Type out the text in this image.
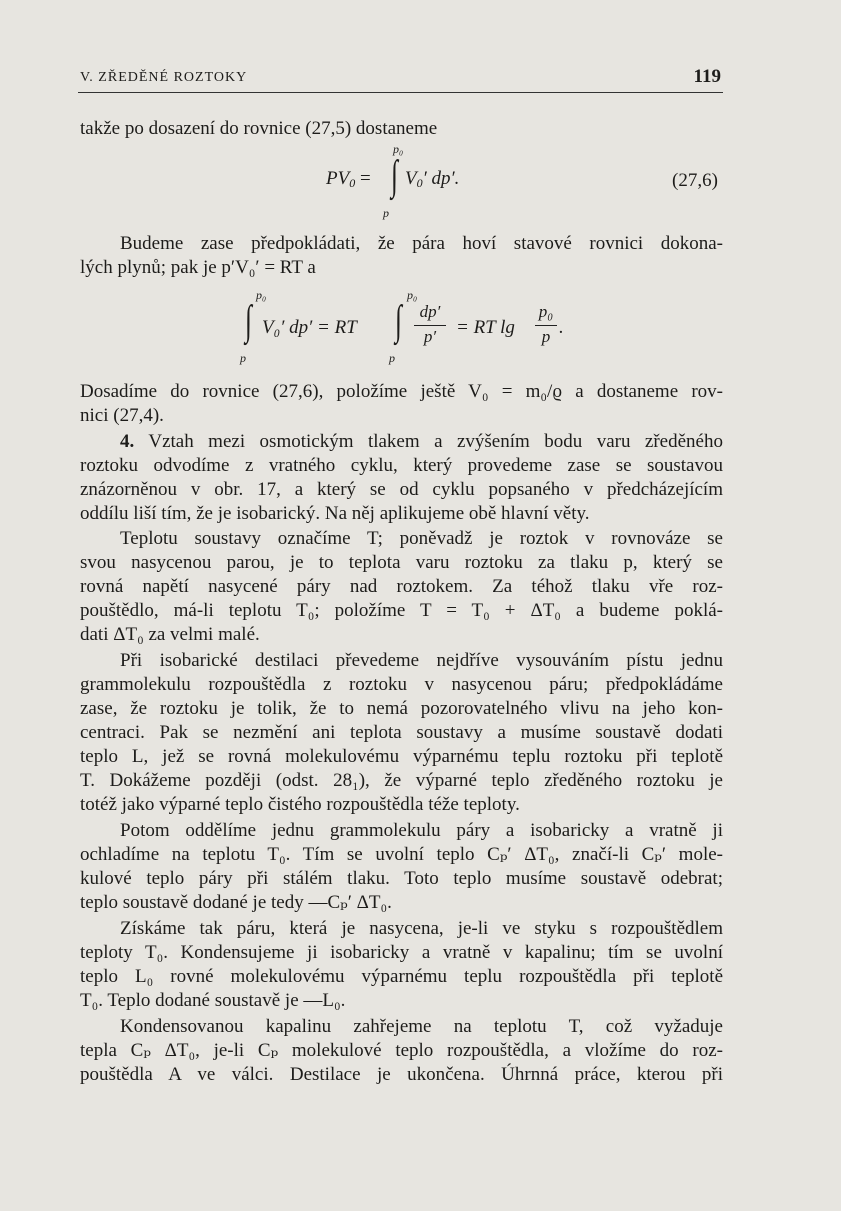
V. ZŘEDĚNÉ ROZTOKY	119
takže po dosazení do rovnice (27,5) dostaneme
p₀
$PV_0$ = ∫ $V_0'$ dp′.
p
(27,6)
Budeme zase předpokládati, že pára hoví stavové rovnici dokona-
lých plynů; pak je p′V₀′ = RT a
p₀
∫ V₀′ dp′ = RT
p
p₀
∫
p
dp′
p′	= RT lg
p₀
p .
Dosadíme do rovnice (27,6), položíme ještě V₀ = m₀/ϱ a dostaneme rov-
nici (27,4).
4. Vztah mezi osmotickým tlakem a zvýšením bodu varu zředěného
roztoku odvodíme z vratného cyklu, který provedeme zase se soustavou
znázorněnou v obr. 17, a který se od cyklu popsaného v předcházejícím
oddílu liší tím, že je isobarický. Na něj aplikujeme obě hlavní věty.
Teplotu soustavy označíme T; poněvadž je roztok v rovnováze se
svou nasycenou parou, je to teplota varu roztoku za tlaku p, který se
rovná napětí nasycené páry nad roztokem. Za téhož tlaku vře roz-
pouštědlo, má-li teplotu T₀; položíme T = T₀ + ΔT₀ a budeme poklá-
dati ΔT₀ za velmi malé.
Při isobarické destilaci převedeme nejdříve vysouváním pístu jednu
grammolekulu rozpouštědla z roztoku v nasycenou páru; předpokládáme
zase, že roztoku je tolik, že to nemá pozorovatelného vlivu na jeho kon-
centraci. Pak se nezmění ani teplota soustavy a musíme soustavě dodati
teplo L, jež se rovná molekulovému výparnému teplu roztoku při teplotě
T. Dokážeme později (odst. 28₁), že výparné teplo zředěného roztoku je
totéž jako výparné teplo čistého rozpouštědla téže teploty.
Potom oddělíme jednu grammolekulu páry a isobaricky a vratně ji
ochladíme na teplotu T₀. Tím se uvolní teplo Cₚ′ ΔT₀, značí-li Cₚ′ mole-
kulové teplo páry při stálém tlaku. Toto teplo musíme soustavě odebrat;
teplo soustavě dodané je tedy —Cₚ′ ΔT₀.
Získáme tak páru, která je nasycena, je-li ve styku s rozpouštědlem
teploty T₀. Kondensujeme ji isobaricky a vratně v kapalinu; tím se uvolní
teplo L₀ rovné molekulovému výparnému teplu rozpouštědla při teplotě
T₀. Teplo dodané soustavě je —L₀.
Kondensovanou kapalinu zahřejeme na teplotu T, což vyžaduje
tepla Cₚ ΔT₀, je-li Cₚ molekulové teplo rozpouštědla, a vložíme do roz-
pouštědla A ve válci. Destilace je ukončena. Úhrnná práce, kterou při
